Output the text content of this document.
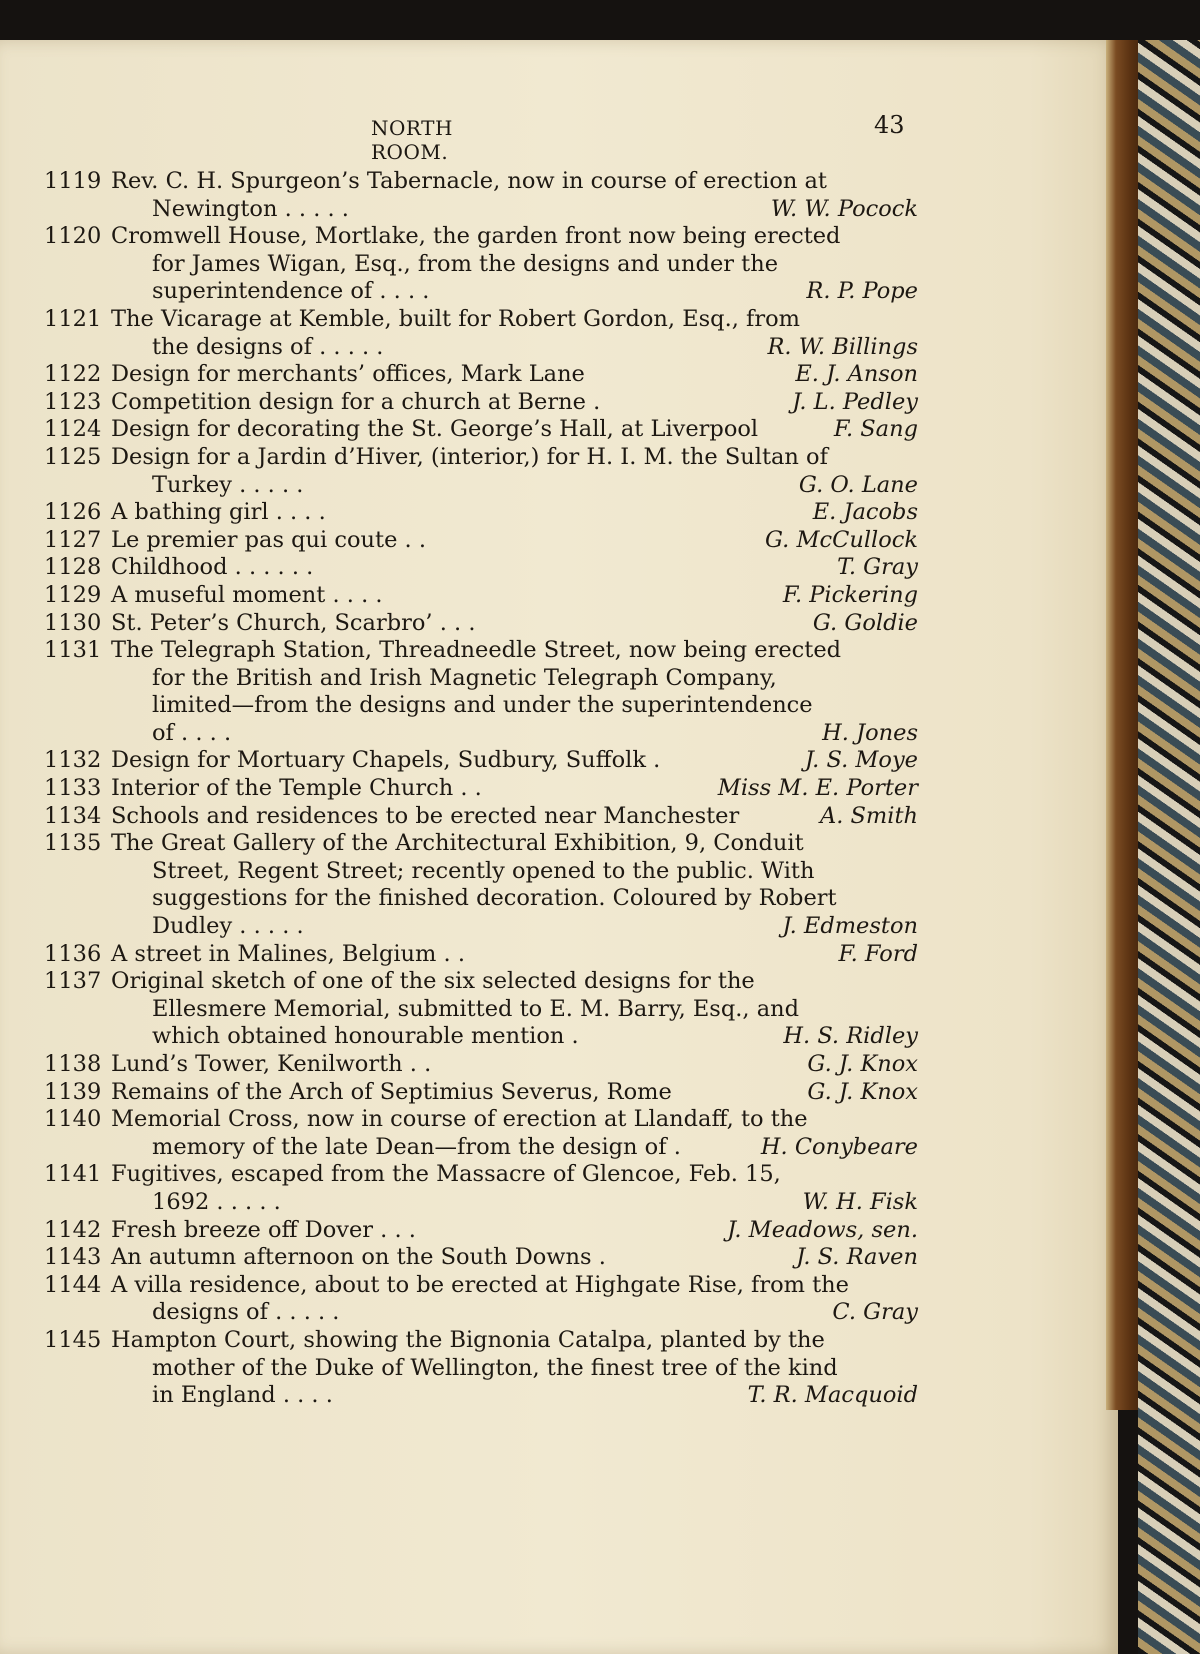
NORTH ROOM.
43
1119 Rev. C. H. Spurgeon’s Tabernacle, now in course of erection at
Newington . . . . .	W. W. Pocock
1120 Cromwell House, Mortlake, the garden front now being erected
for James Wigan, Esq., from the designs and under the
superintendence of . . . .	R. P. Pope
1121 The Vicarage at Kemble, built for Robert Gordon, Esq., from
the designs of . . . . .	R. W. Billings
1122 Design for merchants’ offices, Mark Lane	E. J. Anson
1123 Competition design for a church at Berne .	J. L. Pedley
1124 Design for decorating the St. George’s Hall, at Liverpool	F. Sang
1125 Design for a Jardin d’Hiver, (interior,) for H. I. M. the Sultan of
Turkey . . . . .	G. O. Lane
1126 A bathing girl . . . .	E. Jacobs
1127 Le premier pas qui coute . .	G. McCullock
1128 Childhood . . . . . .	T. Gray
1129 A museful moment . . . .	F. Pickering
1130 St. Peter’s Church, Scarbro’ . . .	G. Goldie
1131 The Telegraph Station, Threadneedle Street, now being erected
for the British and Irish Magnetic Telegraph Company,
limited—from the designs and under the superintendence
of . . . .	H. Jones
1132 Design for Mortuary Chapels, Sudbury, Suffolk .	J. S. Moye
1133 Interior of the Temple Church . .	Miss M. E. Porter
1134 Schools and residences to be erected near Manchester	A. Smith
1135 The Great Gallery of the Architectural Exhibition, 9, Conduit
Street, Regent Street; recently opened to the public. With
suggestions for the finished decoration. Coloured by Robert
Dudley . . . . .	J. Edmeston
1136 A street in Malines, Belgium . .	F. Ford
1137 Original sketch of one of the six selected designs for the
Ellesmere Memorial, submitted to E. M. Barry, Esq., and
which obtained honourable mention .	H. S. Ridley
1138 Lund’s Tower, Kenilworth . .	G. J. Knox
1139 Remains of the Arch of Septimius Severus, Rome	G. J. Knox
1140 Memorial Cross, now in course of erection at Llandaff, to the
memory of the late Dean—from the design of .	H. Conybeare
1141 Fugitives, escaped from the Massacre of Glencoe, Feb. 15,
1692 . . . . .	W. H. Fisk
1142 Fresh breeze off Dover . . .	J. Meadows, sen.
1143 An autumn afternoon on the South Downs .	J. S. Raven
1144 A villa residence, about to be erected at Highgate Rise, from the
designs of . . . . .	C. Gray
1145 Hampton Court, showing the Bignonia Catalpa, planted by the
mother of the Duke of Wellington, the finest tree of the kind
in England . . . .	T. R. Macquoid
